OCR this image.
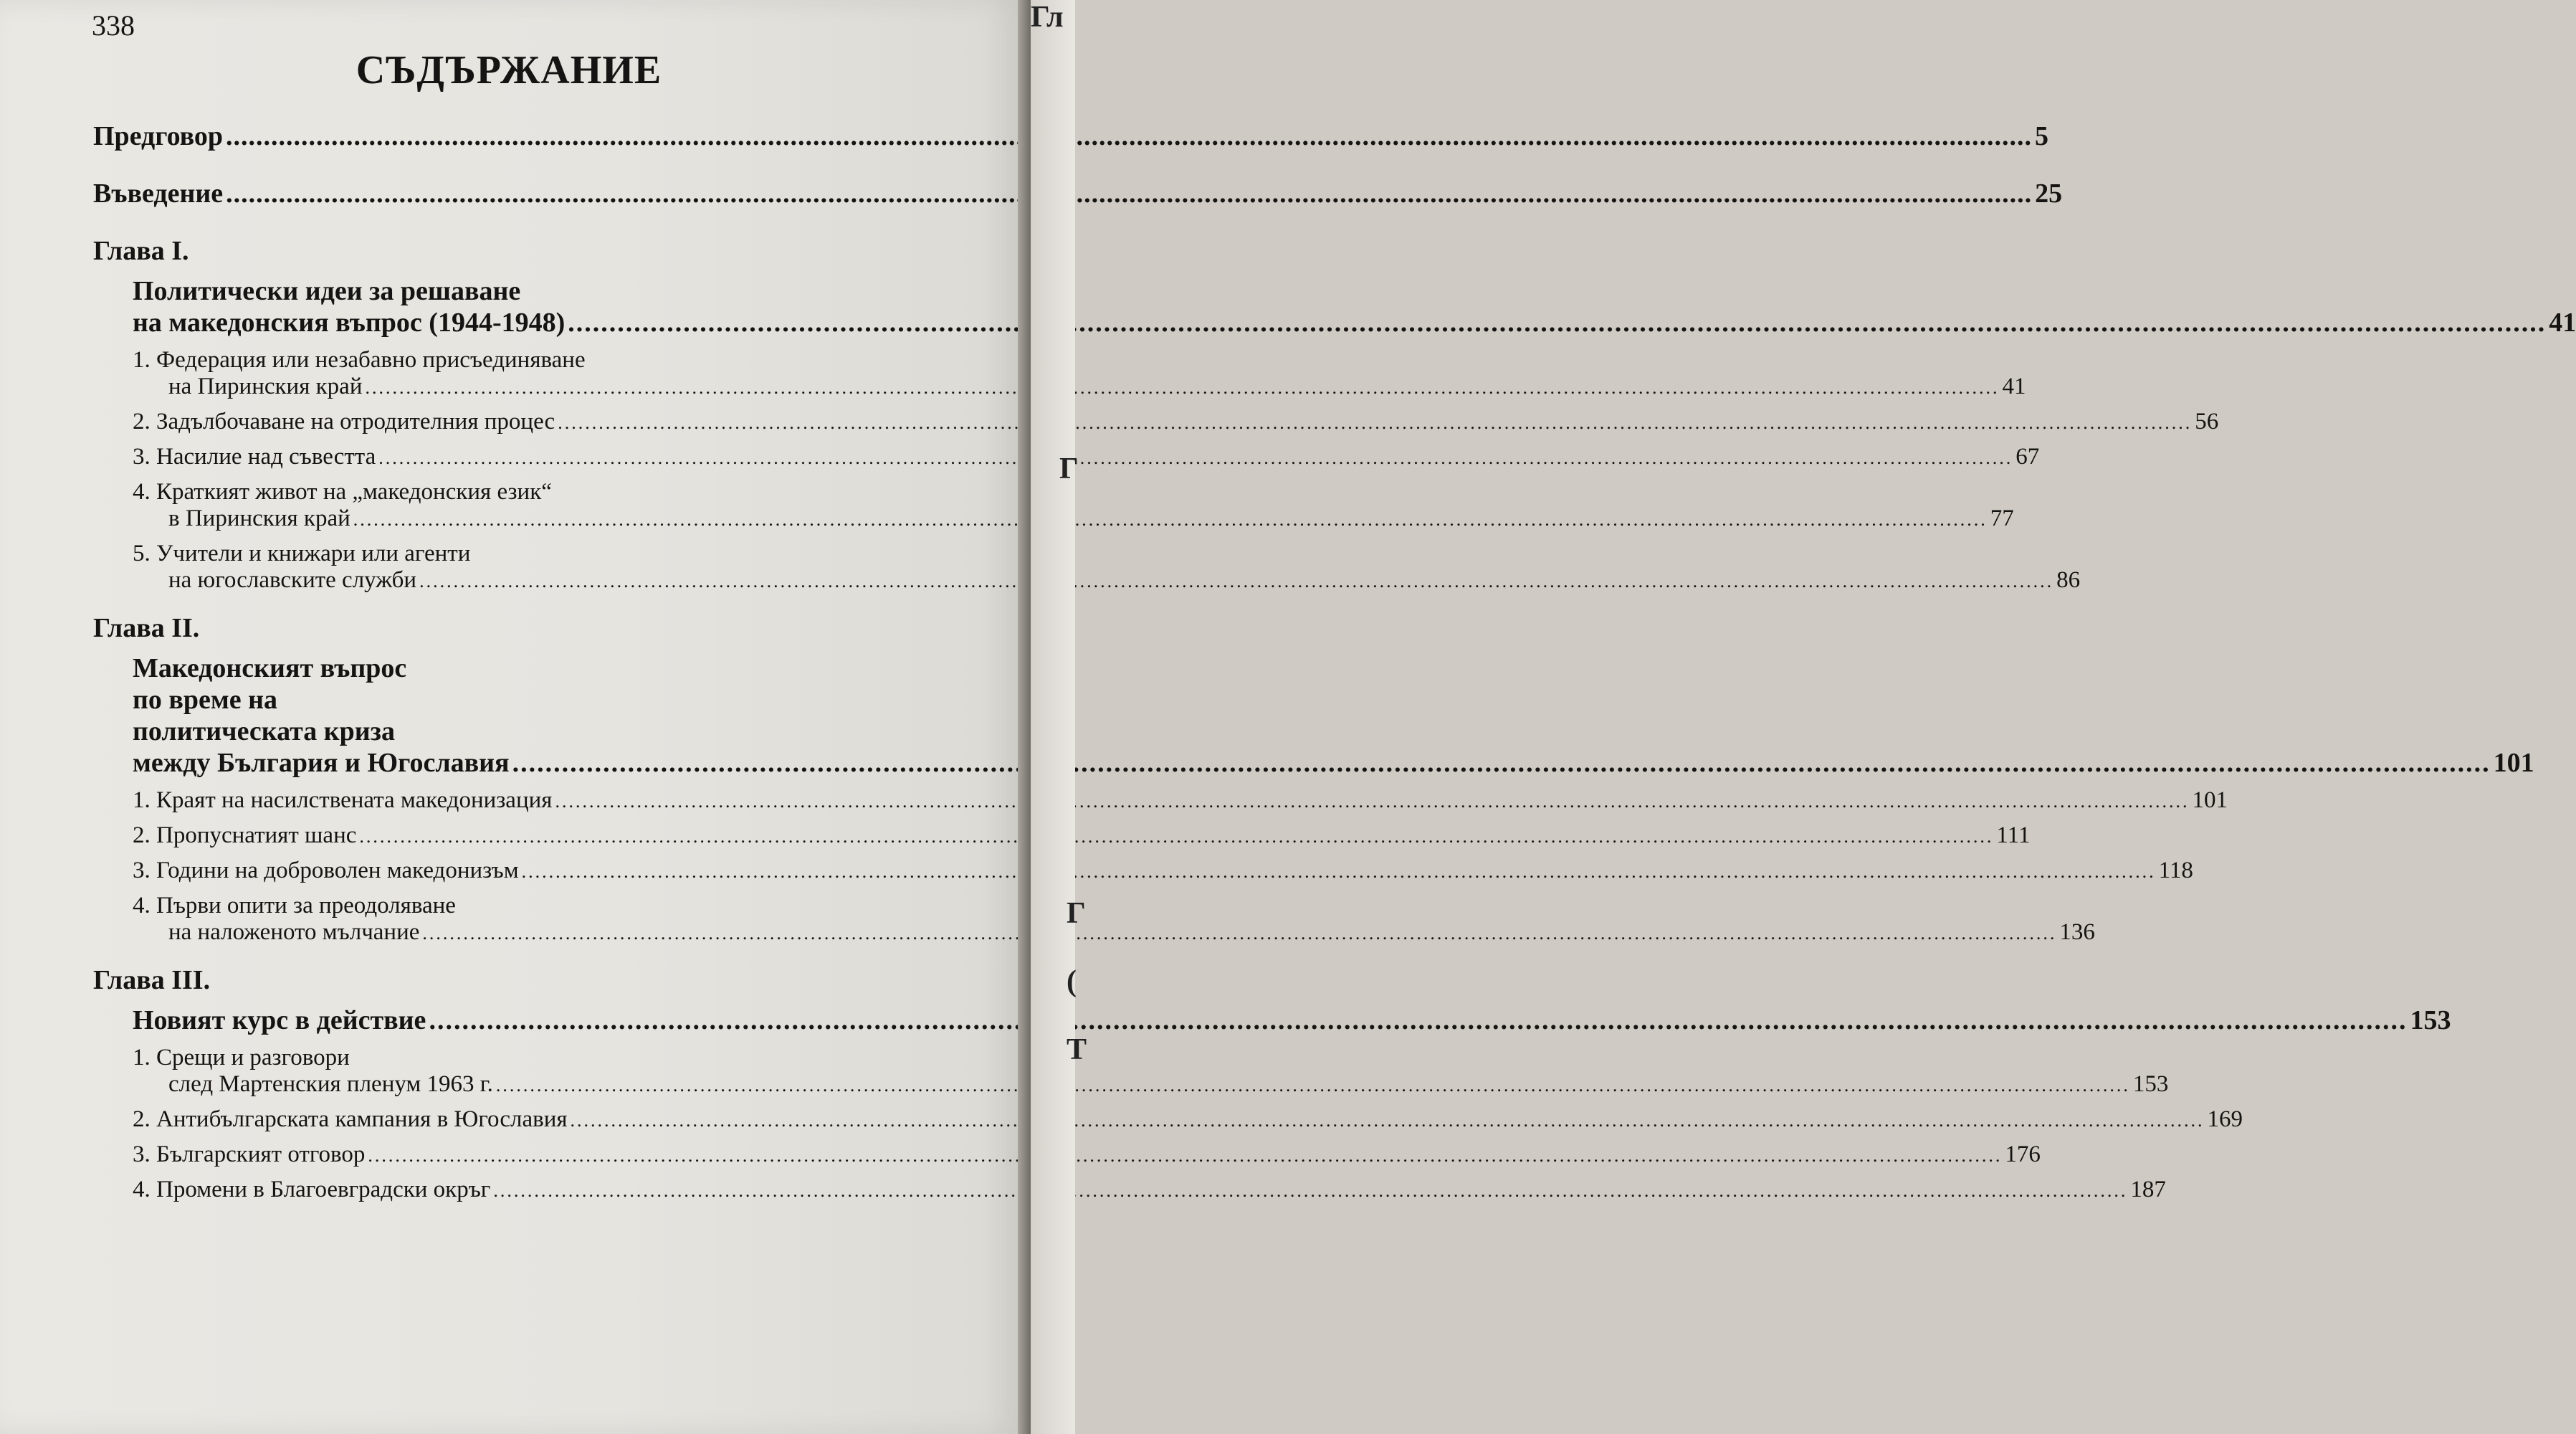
338
СЪДЪРЖАНИЕ
Предговор .....	5
Въведение .....	25
Глава I.
Политически идеи за решаване
на македонския въпрос (1944-1948) .....	41
1. Федерация или незабавно присъединяване
на Пиринския край .....	41
2. Задълбочаване на отродителния процес .....	56
3. Насилие над съвестта .....	67
4. Краткият живот на „македонския език“
в Пиринския край .....	77
5. Учители и книжари или агенти
на югославските служби .....	86
Глава II.
Македонският въпрос
по време на
политическата криза
между България и Югославия .....	101
1. Краят на насилствената македонизация .....	101
2. Пропуснатият шанс .....	111
3. Години на доброволен македонизъм .....	118
4. Първи опити за преодоляване
на наложеното мълчание .....	136
Глава III.
Новият курс в действие .....	153
1. Срещи и разговори
след Мартенския пленум 1963 г. .....	153
2. Антибългарската кампания в Югославия .....	169
3. Българският отговор .....	176
4. Промени в Благоевградски окръг .....	187
Гл
Г
Г
(
Т
